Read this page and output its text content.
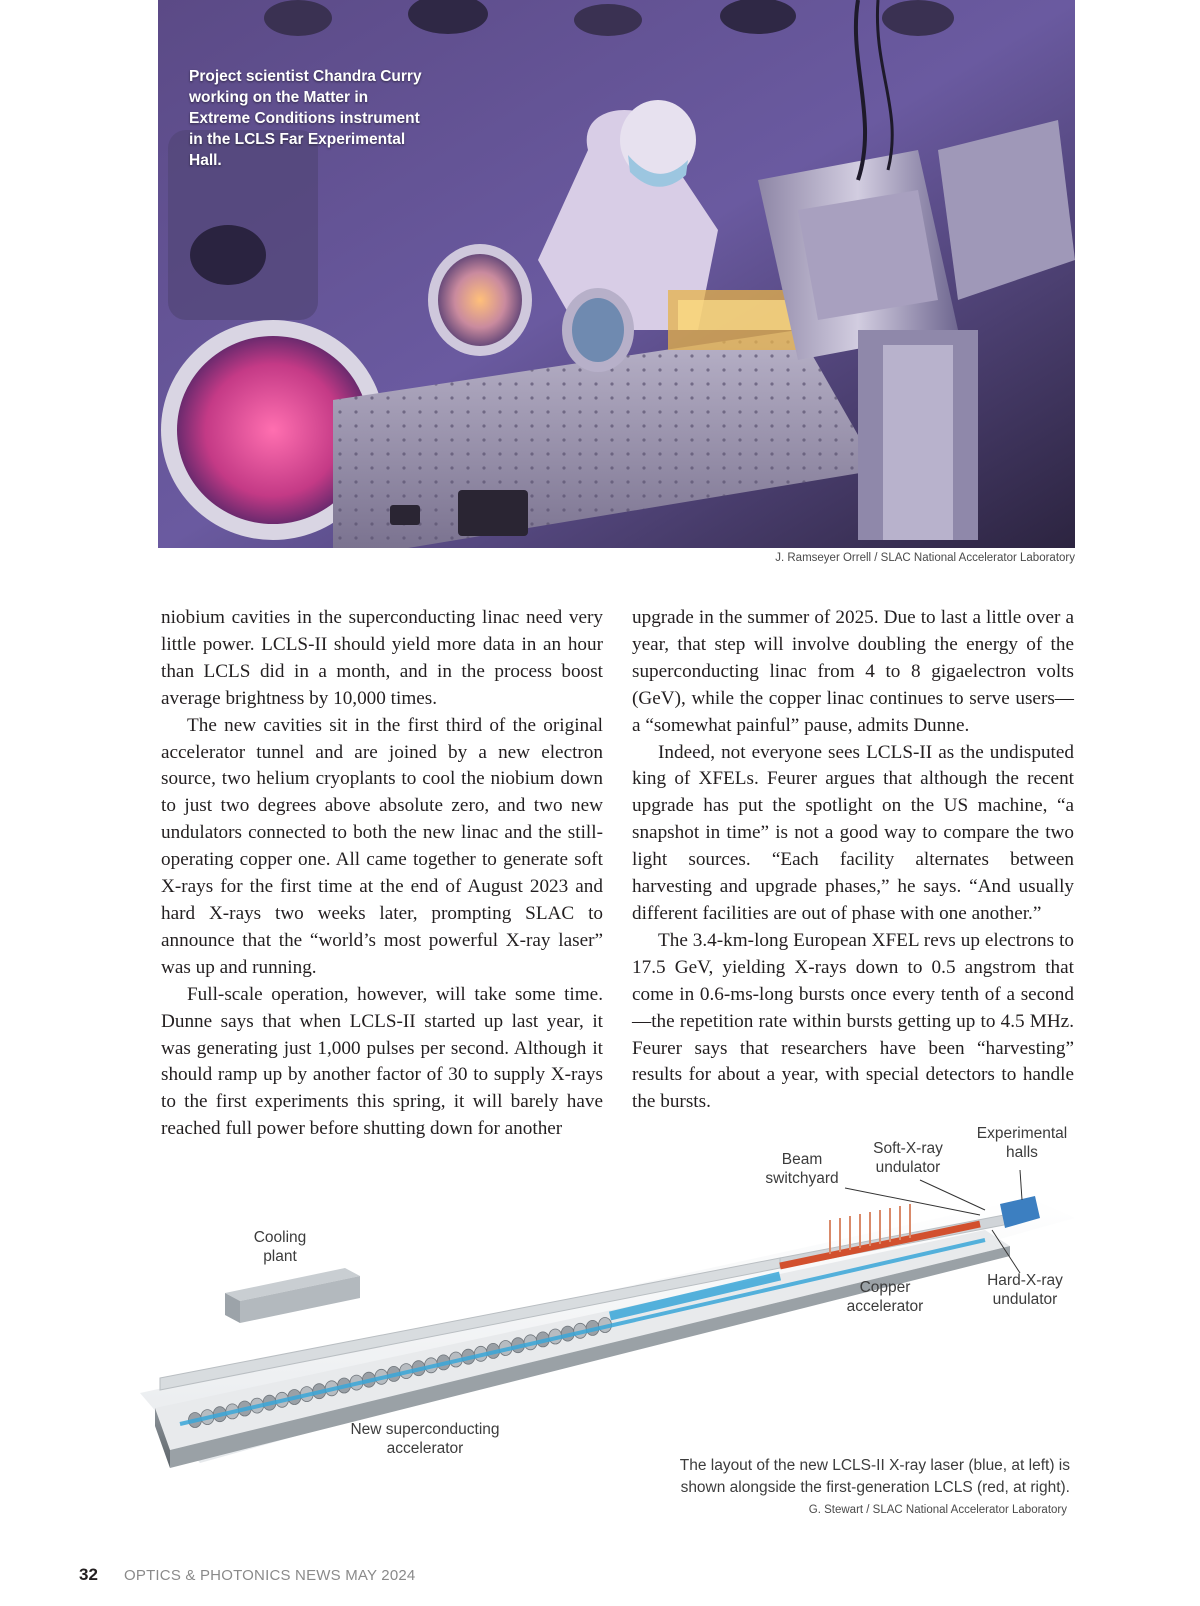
Project scientist Chandra Curry working on the Matter in Extreme Conditions instrument in the LCLS Far Experimental Hall.
J. Ramseyer Orrell / SLAC National Accelerator Laboratory

niobium cavities in the superconducting linac need very little power. LCLS-II should yield more data in an hour than LCLS did in a month, and in the process boost average brightness by 10,000 times.

The new cavities sit in the first third of the original accelerator tunnel and are joined by a new electron source, two helium cryoplants to cool the niobium down to just two degrees above absolute zero, and two new undulators connected to both the new linac and the still-operating copper one. All came together to generate soft X-rays for the first time at the end of August 2023 and hard X-rays two weeks later, prompting SLAC to announce that the “world’s most powerful X-ray laser” was up and running.

Full-scale operation, however, will take some time. Dunne says that when LCLS-II started up last year, it was generating just 1,000 pulses per second. Although it should ramp up by another factor of 30 to supply X-rays to the first experiments this spring, it will barely have reached full power before shutting down for another

upgrade in the summer of 2025. Due to last a little over a year, that step will involve doubling the energy of the superconducting linac from 4 to 8 gigaelectron volts (GeV), while the copper linac continues to serve users—a “somewhat painful” pause, admits Dunne.

Indeed, not everyone sees LCLS-II as the undisputed king of XFELs. Feurer argues that although the recent upgrade has put the spotlight on the US machine, “a snapshot in time” is not a good way to compare the two light sources. “Each facility alternates between harvesting and upgrade phases,” he says. “And usually different facilities are out of phase with one another.”

The 3.4-km-long European XFEL revs up electrons to 17.5 GeV, yielding X-rays down to 0.5 angstrom that come in 0.6-ms-long bursts once every tenth of a second—the repetition rate within bursts getting up to 4.5 MHz. Feurer says that researchers have been “harvesting” results for about a year, with special detectors to handle the bursts.

Cooling
plant
Beam
switchyard
Soft-X-ray
undulator
Experimental
halls
Copper
accelerator
Hard-X-ray
undulator
New superconducting
accelerator
The layout of the new LCLS-II X-ray laser (blue, at left) is shown alongside the first-generation LCLS (red, at right).
G. Stewart / SLAC National Accelerator Laboratory
32 OPTICS & PHOTONICS NEWS MAY 2024
